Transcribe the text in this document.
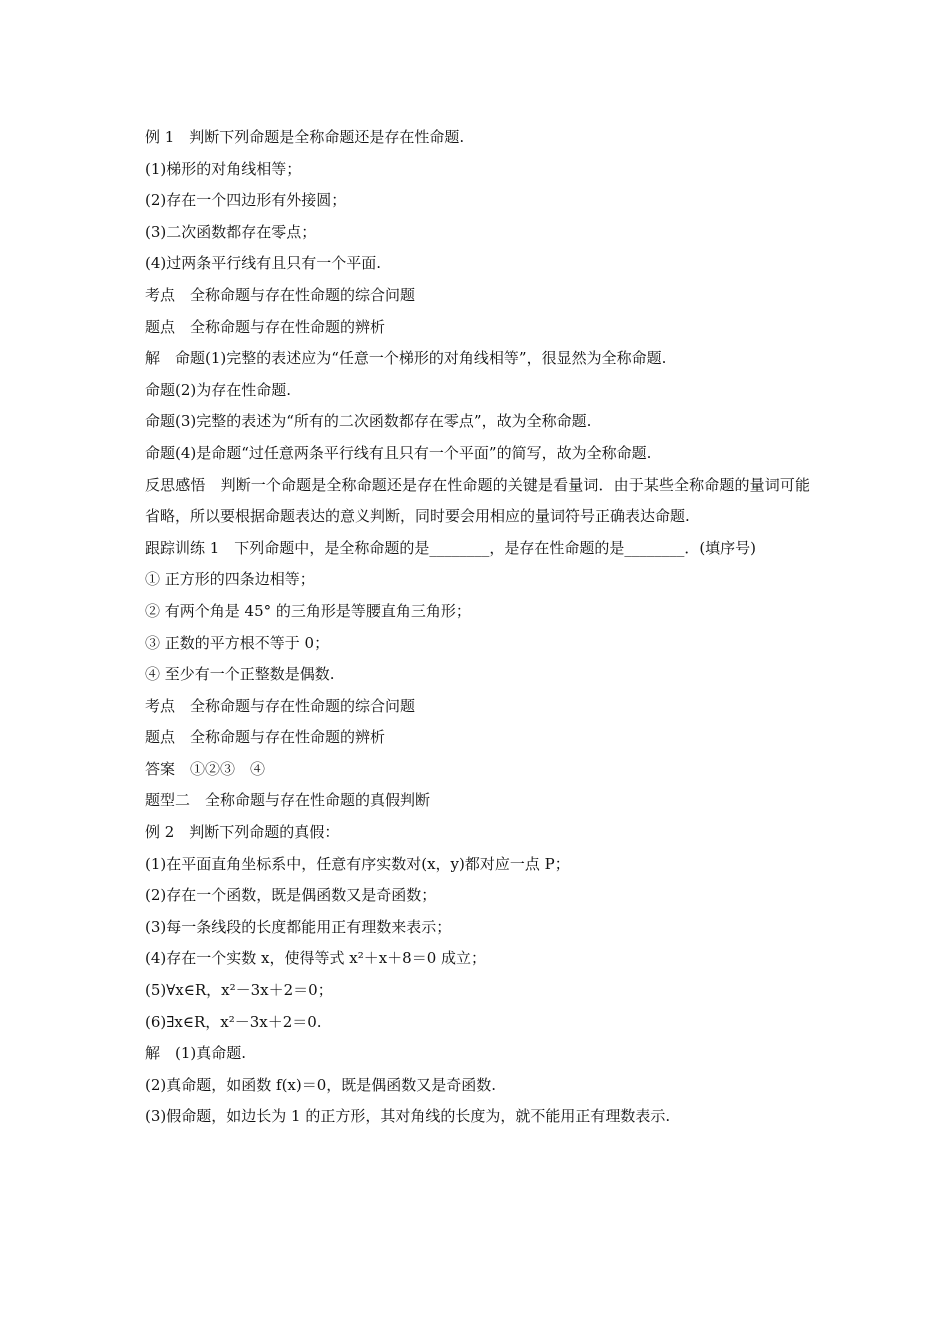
例 1　判断下列命题是全称命题还是存在性命题.
(1)梯形的对角线相等；
(2)存在一个四边形有外接圆；
(3)二次函数都存在零点；
(4)过两条平行线有且只有一个平面.
考点　全称命题与存在性命题的综合问题
题点　全称命题与存在性命题的辨析
解　命题(1)完整的表述应为“任意一个梯形的对角线相等”，很显然为全称命题.
命题(2)为存在性命题.
命题(3)完整的表述为“所有的二次函数都存在零点”，故为全称命题.
命题(4)是命题“过任意两条平行线有且只有一个平面”的简写，故为全称命题.
反思感悟　判断一个命题是全称命题还是存在性命题的关键是看量词．由于某些全称命题的量词可能省略，所以要根据命题表达的意义判断，同时要会用相应的量词符号正确表达命题.
跟踪训练 1　下列命题中，是全称命题的是________，是存在性命题的是________．(填序号)
① 正方形的四条边相等；
② 有两个角是 45° 的三角形是等腰直角三角形；
③ 正数的平方根不等于 0；
④ 至少有一个正整数是偶数.
考点　全称命题与存在性命题的综合问题
题点　全称命题与存在性命题的辨析
答案　①②③　④
题型二　全称命题与存在性命题的真假判断
例 2　判断下列命题的真假：
(1)在平面直角坐标系中，任意有序实数对(x，y)都对应一点 P；
(2)存在一个函数，既是偶函数又是奇函数；
(3)每一条线段的长度都能用正有理数来表示；
(4)存在一个实数 x，使得等式 x²＋x＋8＝0 成立；
(5)∀x∈R，x²－3x＋2＝0；
(6)∃x∈R，x²－3x＋2＝0.
解　(1)真命题.
(2)真命题，如函数 f(x)＝0，既是偶函数又是奇函数.
(3)假命题，如边长为 1 的正方形，其对角线的长度为，就不能用正有理数表示.
